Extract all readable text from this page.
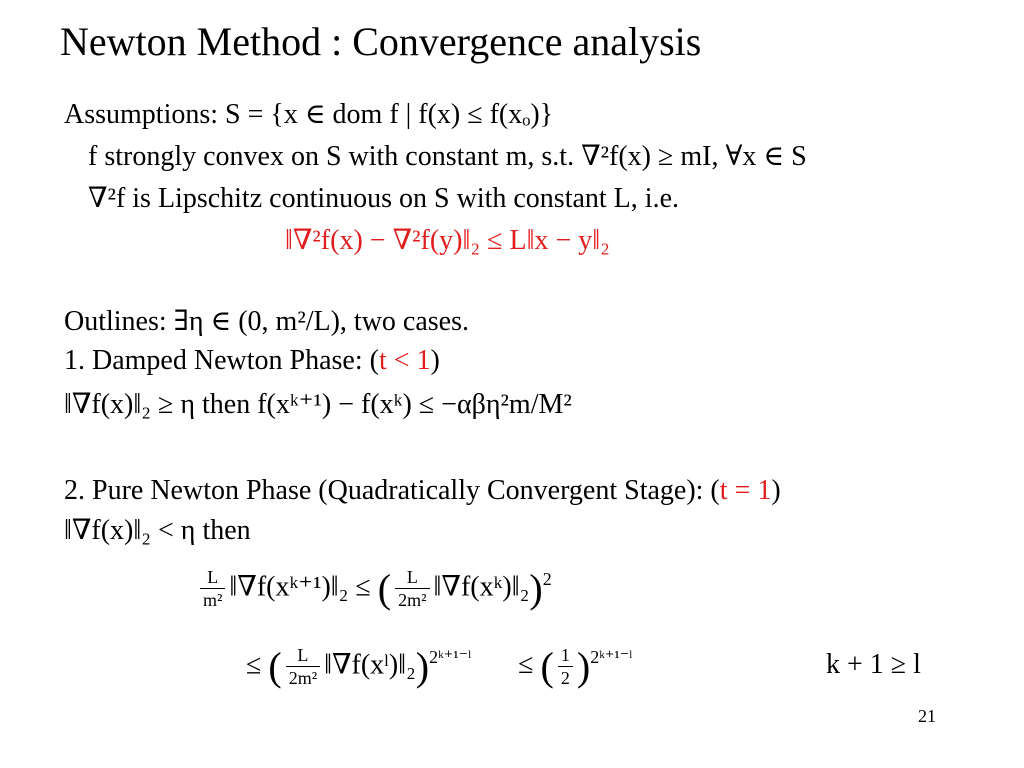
Newton Method : Convergence analysis
Assumptions: S = {x ∈ dom f | f(x) ≤ f(xₒ)}
f strongly convex on S with constant m, s.t. ∇²f(x) ≥ mI, ∀x ∈ S
∇²f is Lipschitz continuous on S with constant L, i.e.
‖∇²f(x) − ∇²f(y)‖₂ ≤ L‖x − y‖₂
Outlines: ∃η ∈ (0, m²/L), two cases.
1. Damped Newton Phase: (t < 1)
‖∇f(x)‖₂ ≥ η then f(xᵏ⁺¹) − f(xᵏ) ≤ −αβη²m/M²
2. Pure Newton Phase (Quadratically Convergent Stage): (t = 1)
‖∇f(x)‖₂ < η then
$\frac{L}{\text{m²}}$ ‖∇f(xᵏ⁺¹)‖₂ ≤ ( $\frac{L}{\text{2m²}}$ ‖∇f(xᵏ)‖₂)$^2$
≤ ( $\frac{L}{\text{2m²}}$ ‖∇f(xˡ)‖₂)$^{2ᵏ^{+1-}ˡ}$ ≤ ( $\frac{1}{2} )^{2ᵏ^{+1-}ˡ}$	k + 1 ≥ l
21
